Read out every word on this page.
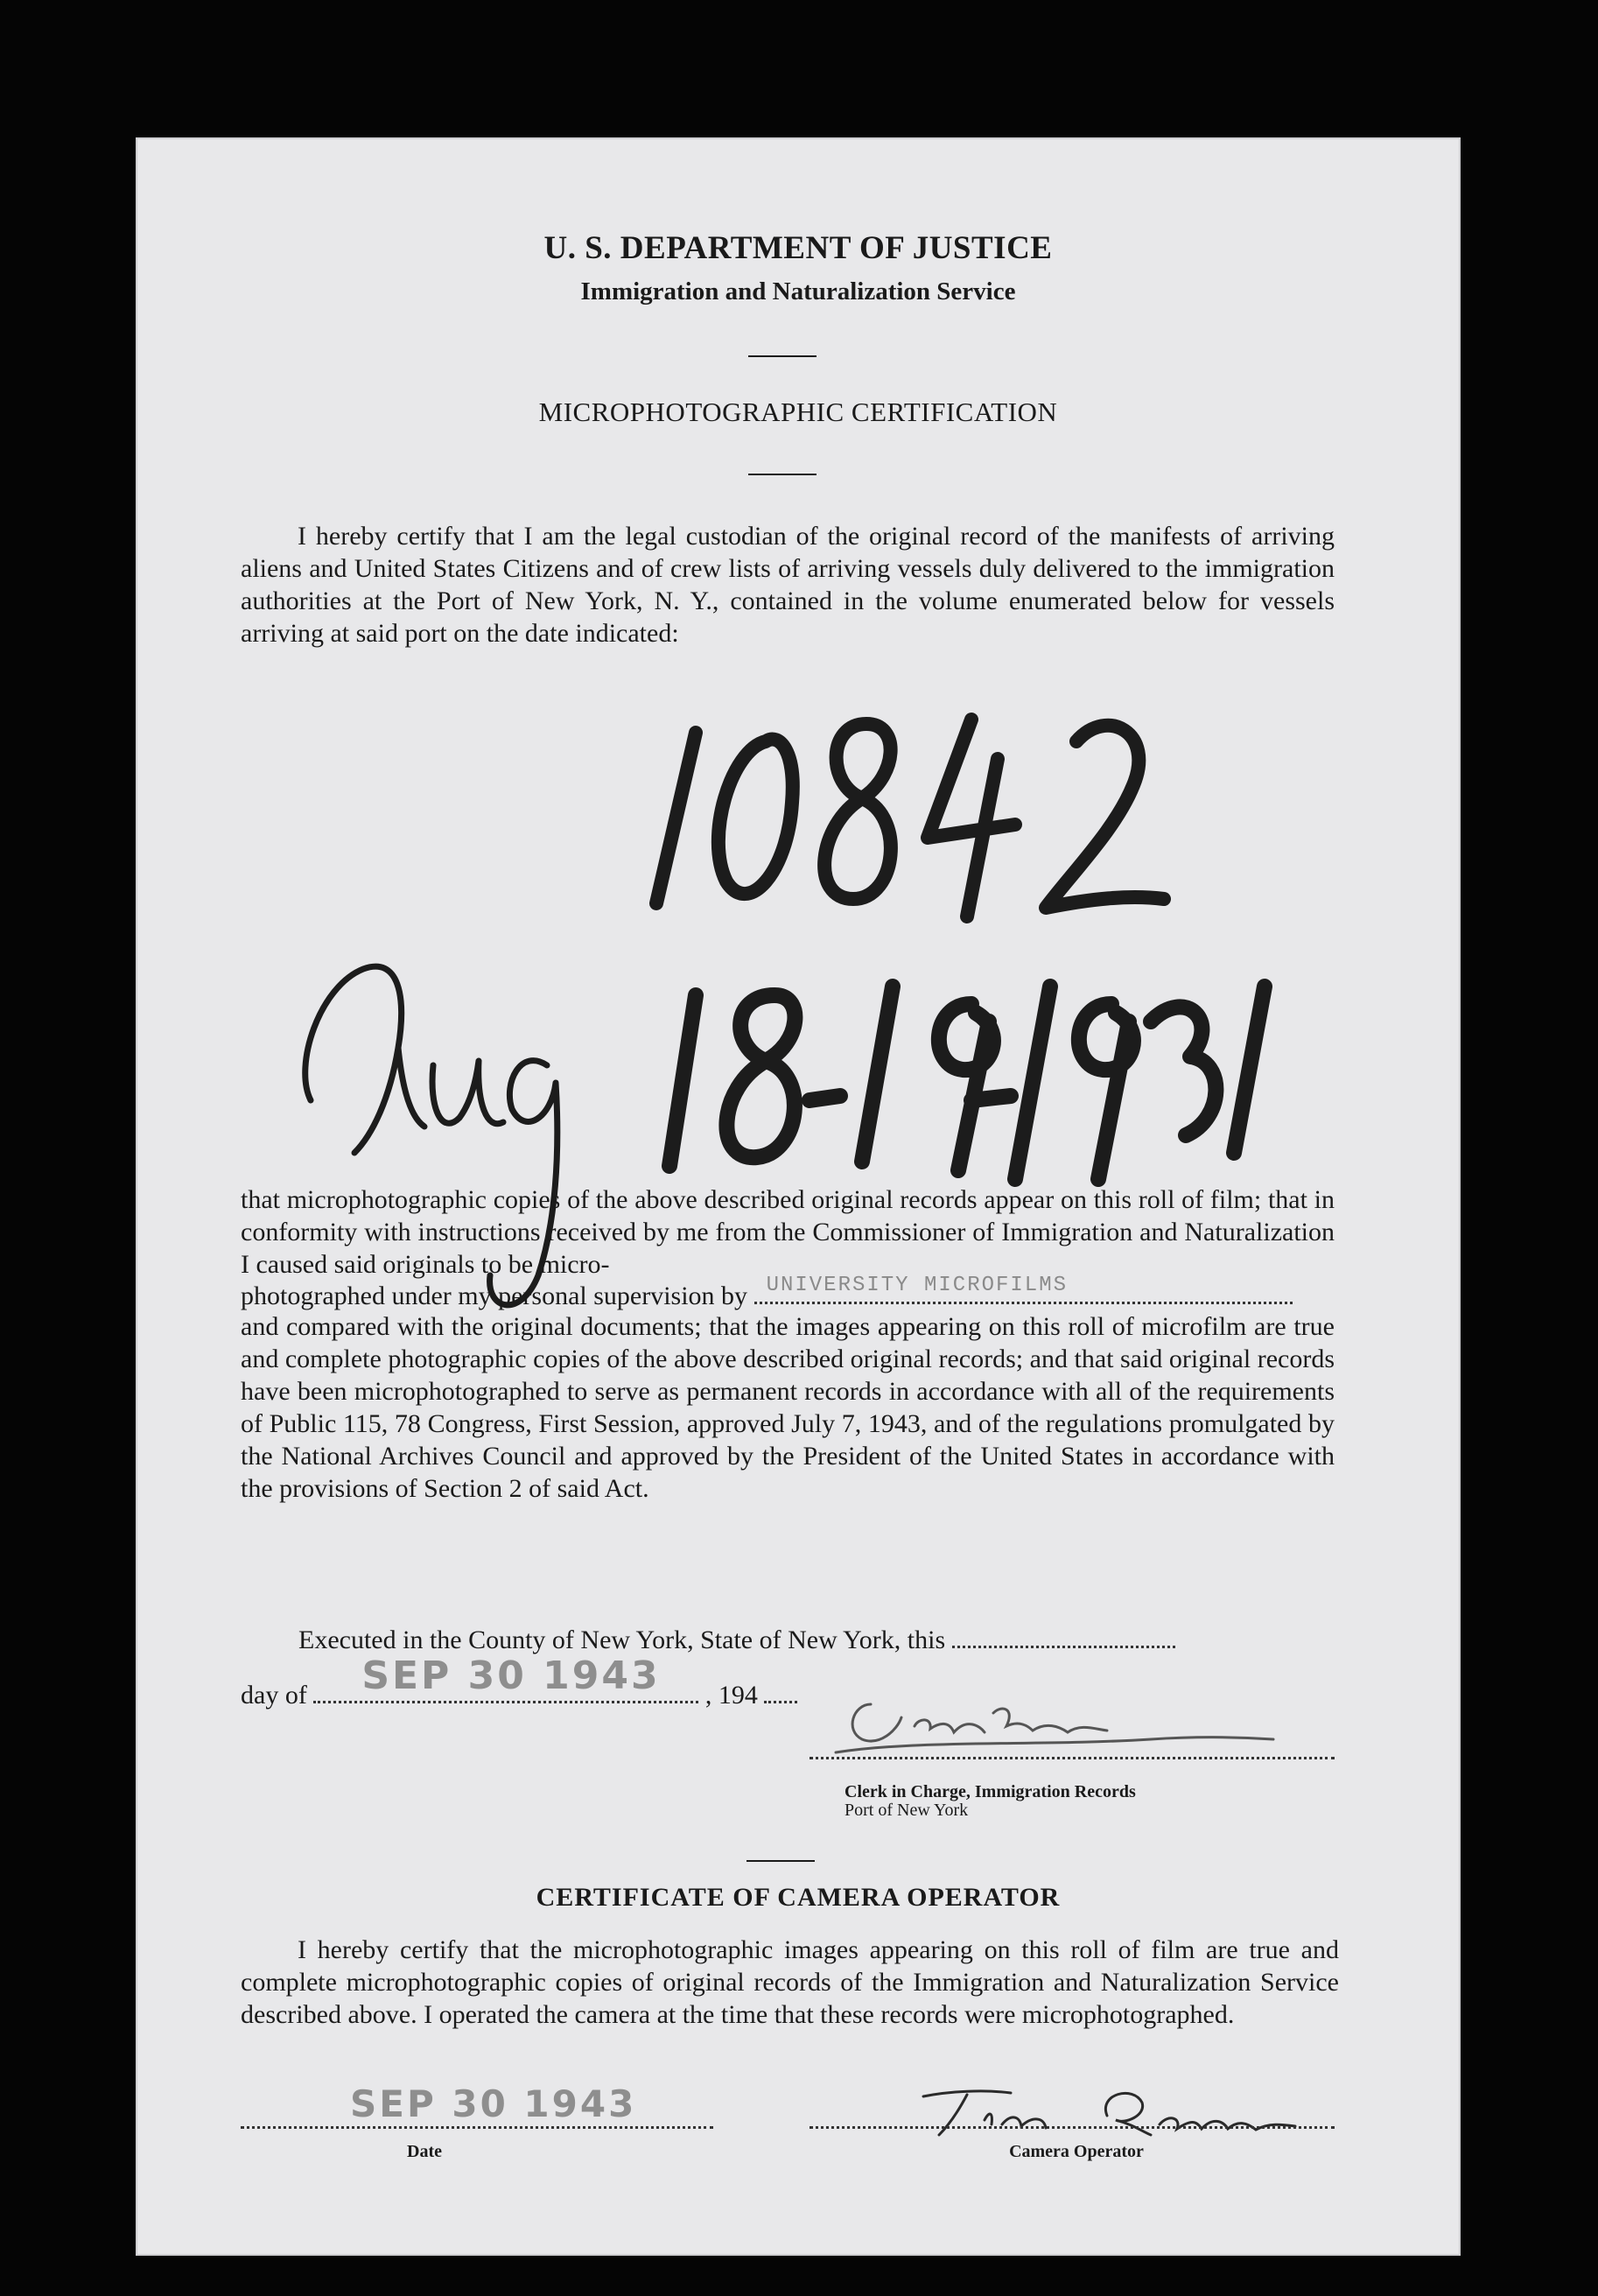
U. S. DEPARTMENT OF JUSTICE
Immigration and Naturalization Service
MICROPHOTOGRAPHIC CERTIFICATION

I hereby certify that I am the legal custodian of the original record of the manifests of arriving aliens and United States Citizens and of crew lists of arriving vessels duly delivered to the immigration authorities at the Port of New York, N. Y., contained in the volume enumerated below for vessels arriving at said port on the date indicated:

that microphotographic copies of the above described original records appear on this roll of film; that in conformity with instructions received by me from the Commissioner of Immigration and Naturalization I caused said originals to be micro-

photographed under my personal supervision by UNIVERSITY MICROFILMS

and compared with the original documents; that the images appearing on this roll of microfilm are true and complete photographic copies of the above described original records; and that said original records have been microphotographed to serve as permanent records in accordance with all of the requirements of Public 115, 78 Congress, First Session, approved July 7, 1943, and of the regulations promulgated by the National Archives Council and approved by the President of the United States in accordance with the provisions of Section 2 of said Act.

Executed in the County of New York, State of New York, this
day of SEP 30 1943 , 194
Clerk in Charge, Immigration Records
Port of New York
CERTIFICATE OF CAMERA OPERATOR

I hereby certify that the microphotographic images appearing on this roll of film are true and complete microphotographic copies of original records of the Immigration and Naturalization Service described above. I operated the camera at the time that these records were microphotographed.

SEP 30 1943
Date	Camera Operator
